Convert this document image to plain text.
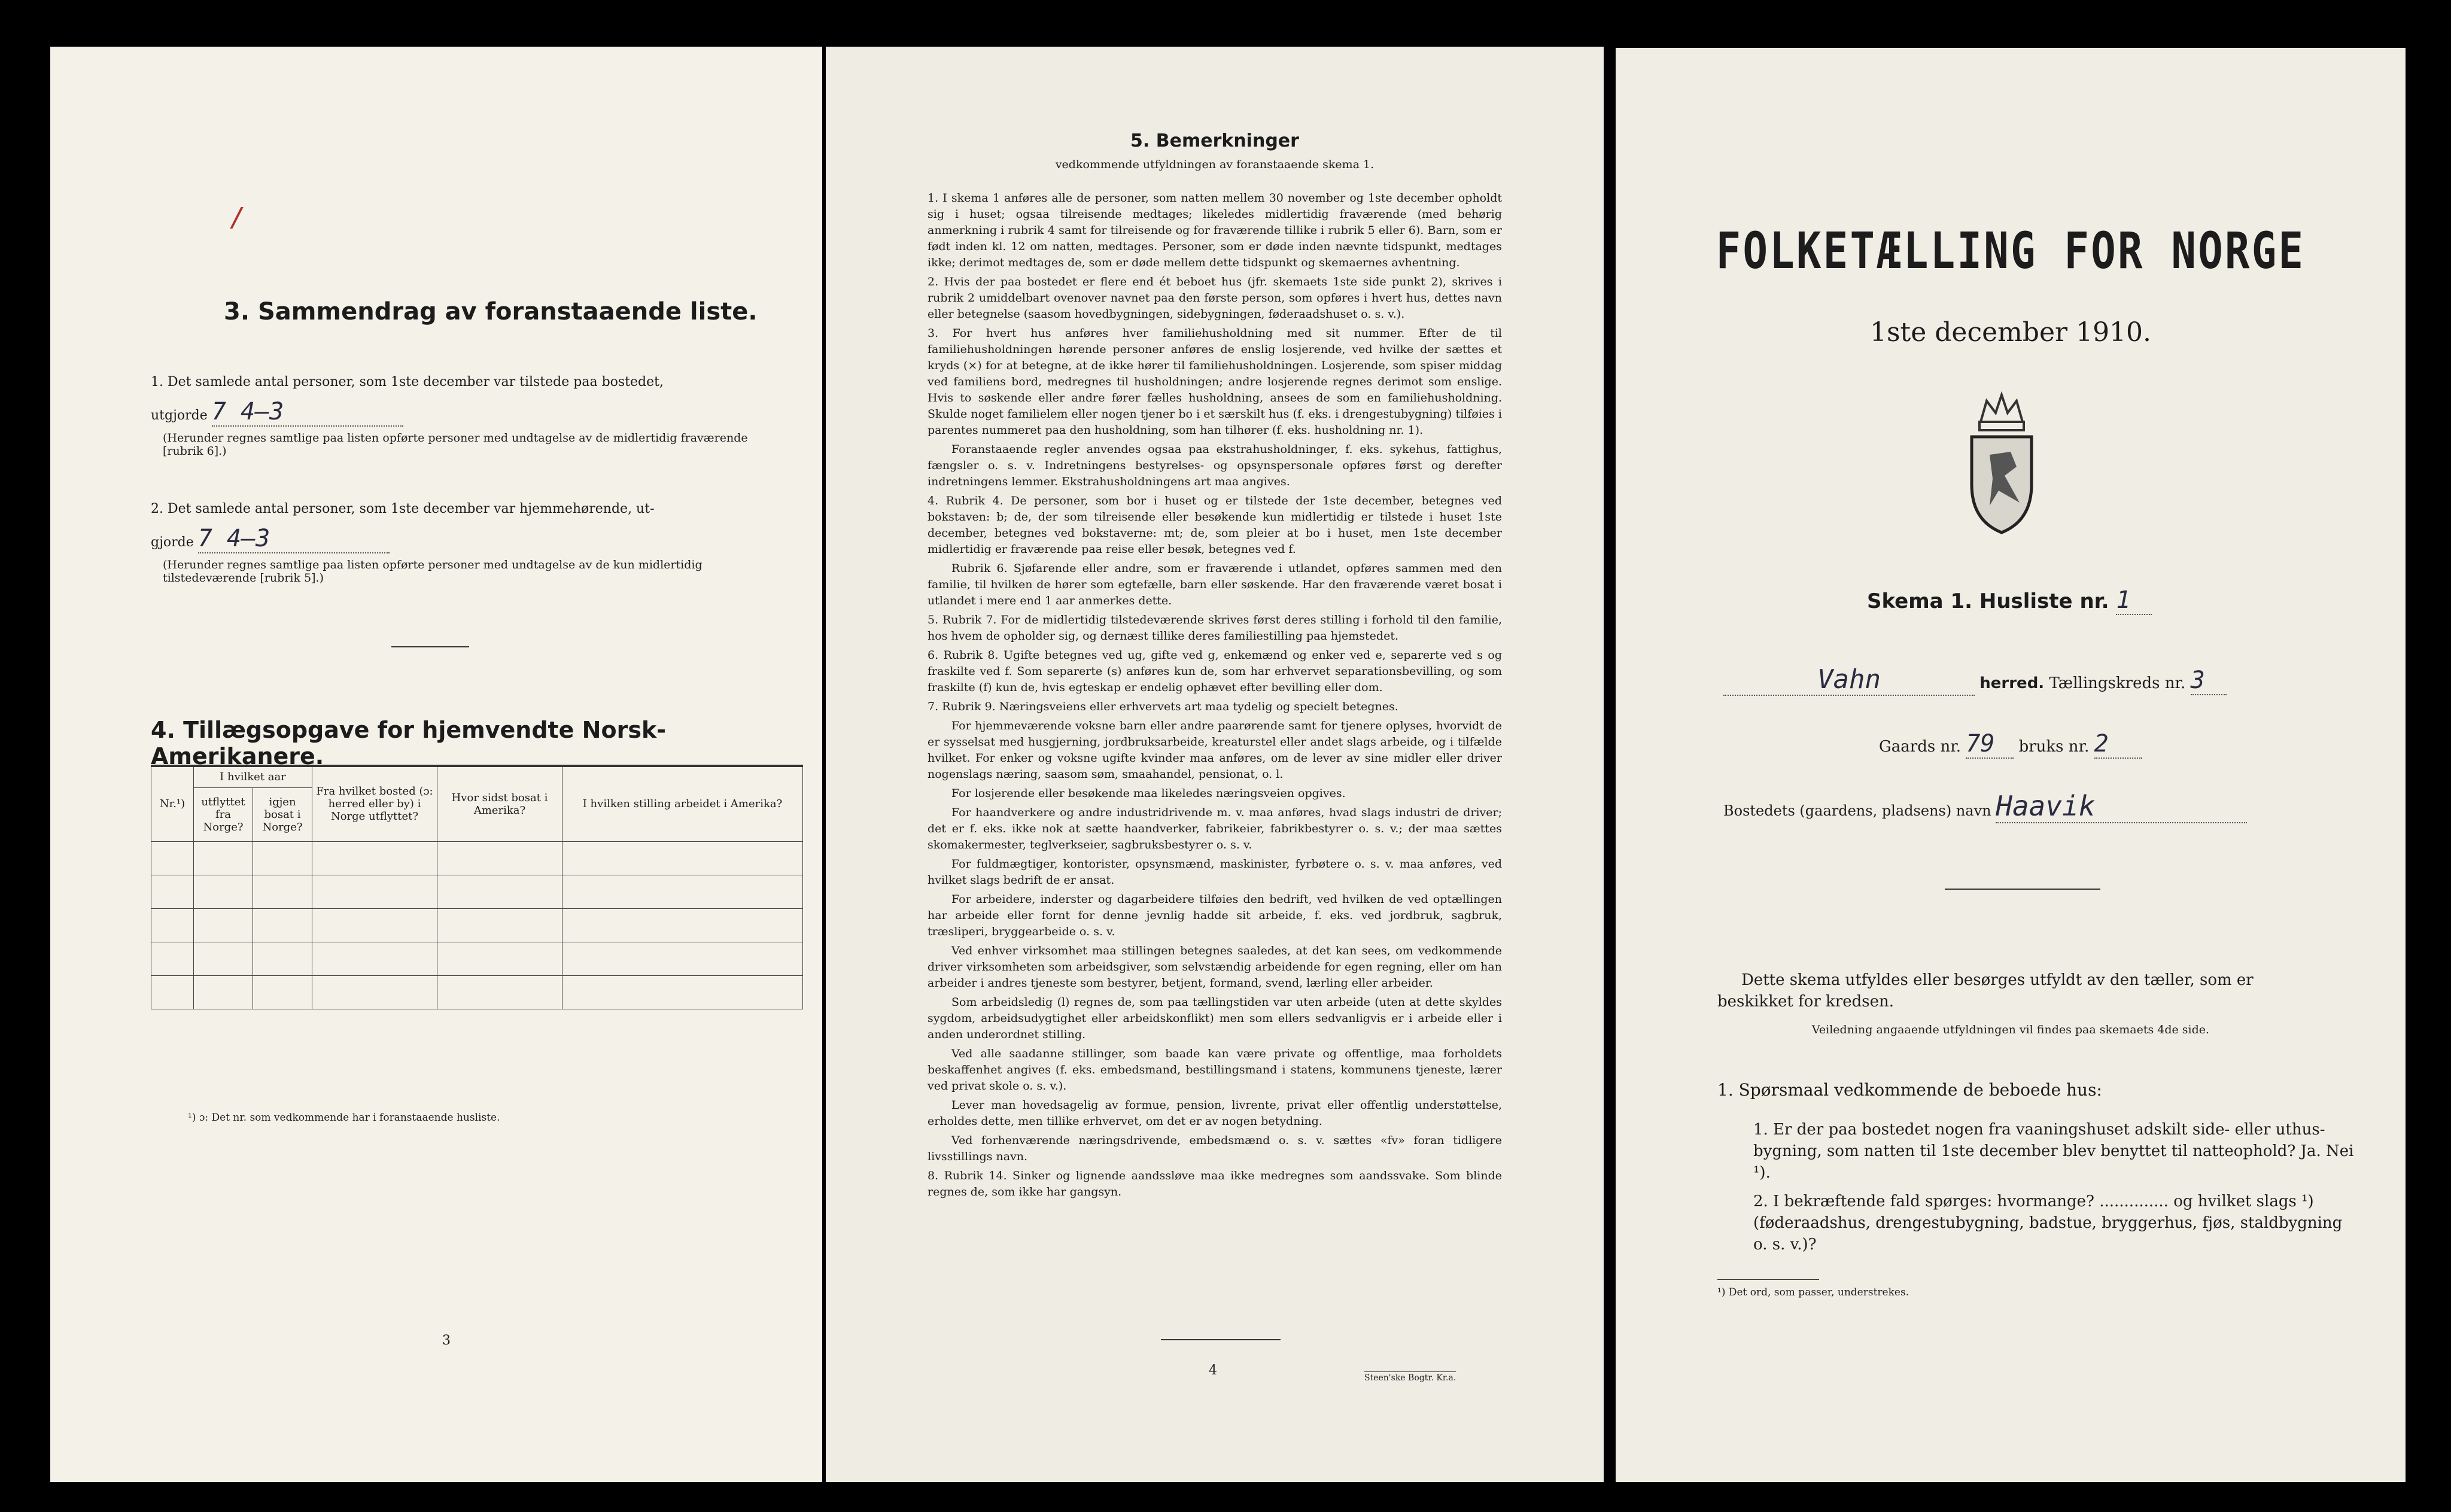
/
3. Sammendrag av foranstaaende liste.
1. Det samlede antal personer, som 1ste december var tilstede paa bostedet,
utgjorde 7 4—3
(Herunder regnes samtlige paa listen opførte personer med undtagelse av de midlertidig fraværende [rubrik 6].)
2. Det samlede antal personer, som 1ste december var hjemmehørende, ut-
gjorde 7 4—3
(Herunder regnes samtlige paa listen opførte personer med undtagelse av de kun midlertidig tilstedeværende [rubrik 5].)
4. Tillægsopgave for hjemvendte Norsk-Amerikanere.
Nr.¹)	I hvilket aar		Fra hvilket bosted (ɔ: herred eller by) i Norge utflyttet?	Hvor sidst bosat i Amerika?	I hvilken stilling arbeidet i Amerika?
	utflyttet fra Norge?	igjen bosat i Norge?			

¹) ɔ: Det nr. som vedkommende har i foranstaaende husliste.
3
5. Bemerkninger
vedkommende utfyldningen av foranstaaende skema 1.

1. I skema 1 anføres alle de personer, som natten mellem 30 november og 1ste december opholdt sig i huset; ogsaa tilreisende medtages; likeledes midlertidig fraværende (med behørig anmerkning i rubrik 4 samt for tilreisende og for fraværende tillike i rubrik 5 eller 6). Barn, som er født inden kl. 12 om natten, medtages. Personer, som er døde inden nævnte tidspunkt, medtages ikke; derimot medtages de, som er døde mellem dette tidspunkt og skemaernes avhentning.

2. Hvis der paa bostedet er flere end ét beboet hus (jfr. skemaets 1ste side punkt 2), skrives i rubrik 2 umiddelbart ovenover navnet paa den første person, som opføres i hvert hus, dettes navn eller betegnelse (saasom hovedbygningen, sidebygningen, føderaadshuset o. s. v.).

3. For hvert hus anføres hver familiehusholdning med sit nummer. Efter de til familiehusholdningen hørende personer anføres de enslig losjerende, ved hvilke der sættes et kryds (×) for at betegne, at de ikke hører til familiehusholdningen. Losjerende, som spiser middag ved familiens bord, medregnes til husholdningen; andre losjerende regnes derimot som enslige. Hvis to søskende eller andre fører fælles husholdning, ansees de som en familiehusholdning. Skulde noget familielem eller nogen tjener bo i et særskilt hus (f. eks. i drengestubygning) tilføies i parentes nummeret paa den husholdning, som han tilhører (f. eks. husholdning nr. 1).

Foranstaaende regler anvendes ogsaa paa ekstrahusholdninger, f. eks. sykehus, fattighus, fængsler o. s. v. Indretningens bestyrelses- og opsynspersonale opføres først og derefter indretningens lemmer. Ekstrahusholdningens art maa angives.

4. Rubrik 4. De personer, som bor i huset og er tilstede der 1ste december, betegnes ved bokstaven: b; de, der som tilreisende eller besøkende kun midlertidig er tilstede i huset 1ste december, betegnes ved bokstaverne: mt; de, som pleier at bo i huset, men 1ste december midlertidig er fraværende paa reise eller besøk, betegnes ved f.

Rubrik 6. Sjøfarende eller andre, som er fraværende i utlandet, opføres sammen med den familie, til hvilken de hører som egtefælle, barn eller søskende. Har den fraværende været bosat i utlandet i mere end 1 aar anmerkes dette.

5. Rubrik 7. For de midlertidig tilstedeværende skrives først deres stilling i forhold til den familie, hos hvem de opholder sig, og dernæst tillike deres familiestilling paa hjemstedet.

6. Rubrik 8. Ugifte betegnes ved ug, gifte ved g, enkemænd og enker ved e, separerte ved s og fraskilte ved f. Som separerte (s) anføres kun de, som har erhvervet separationsbevilling, og som fraskilte (f) kun de, hvis egteskap er endelig ophævet efter bevilling eller dom.

7. Rubrik 9. Næringsveiens eller erhvervets art maa tydelig og specielt betegnes.

For hjemmeværende voksne barn eller andre paarørende samt for tjenere oplyses, hvorvidt de er sysselsat med husgjerning, jordbruksarbeide, kreaturstel eller andet slags arbeide, og i tilfælde hvilket. For enker og voksne ugifte kvinder maa anføres, om de lever av sine midler eller driver nogenslags næring, saasom søm, smaahandel, pensionat, o. l.

For losjerende eller besøkende maa likeledes næringsveien opgives.

For haandverkere og andre industridrivende m. v. maa anføres, hvad slags industri de driver; det er f. eks. ikke nok at sætte haandverker, fabrikeier, fabrikbestyrer o. s. v.; der maa sættes skomakermester, teglverkseier, sagbruksbestyrer o. s. v.

For fuldmægtiger, kontorister, opsynsmænd, maskinister, fyrbøtere o. s. v. maa anføres, ved hvilket slags bedrift de er ansat.

For arbeidere, inderster og dagarbeidere tilføies den bedrift, ved hvilken de ved optællingen har arbeide eller fornt for denne jevnlig hadde sit arbeide, f. eks. ved jordbruk, sagbruk, træsliperi, bryggearbeide o. s. v.

Ved enhver virksomhet maa stillingen betegnes saaledes, at det kan sees, om vedkommende driver virksomheten som arbeidsgiver, som selvstændig arbeidende for egen regning, eller om han arbeider i andres tjeneste som bestyrer, betjent, formand, svend, lærling eller arbeider.

Som arbeidsledig (l) regnes de, som paa tællingstiden var uten arbeide (uten at dette skyldes sygdom, arbeidsudygtighet eller arbeidskonflikt) men som ellers sedvanligvis er i arbeide eller i anden underordnet stilling.

Ved alle saadanne stillinger, som baade kan være private og offentlige, maa forholdets beskaffenhet angives (f. eks. embedsmand, bestillingsmand i statens, kommunens tjeneste, lærer ved privat skole o. s. v.).

Lever man hovedsagelig av formue, pension, livrente, privat eller offentlig understøttelse, erholdes dette, men tillike erhvervet, om det er av nogen betydning.

Ved forhenværende næringsdrivende, embedsmænd o. s. v. sættes «fv» foran tidligere livsstillings navn.

8. Rubrik 14. Sinker og lignende aandssløve maa ikke medregnes som aandssvake. Som blinde regnes de, som ikke har gangsyn.

4	Steen'ske Bogtr. Kr.a.
FOLKETÆLLING FOR NORGE
1ste december 1910.
Skema 1. Husliste nr. 1
Vahn	herred. Tællingskreds nr. 3
Gaards nr. 79 bruks nr. 2
Bostedets (gaardens, pladsens) navn Haavik
Dette skema utfyldes eller besørges utfyldt av den tæller, som er beskikket for kredsen.
Veiledning angaaende utfyldningen vil findes paa skemaets 4de side.
1. Spørsmaal vedkommende de beboede hus:
1. Er der paa bostedet nogen fra vaaningshuset adskilt side- eller uthus-bygning, som natten til 1ste december blev benyttet til natteophold? Ja. Nei ¹).
2. I bekræftende fald spørges: hvormange? .............. og hvilket slags ¹) (føderaadshus, drengestubygning, badstue, bryggerhus, fjøs, staldbygning o. s. v.)?
¹) Det ord, som passer, understrekes.
